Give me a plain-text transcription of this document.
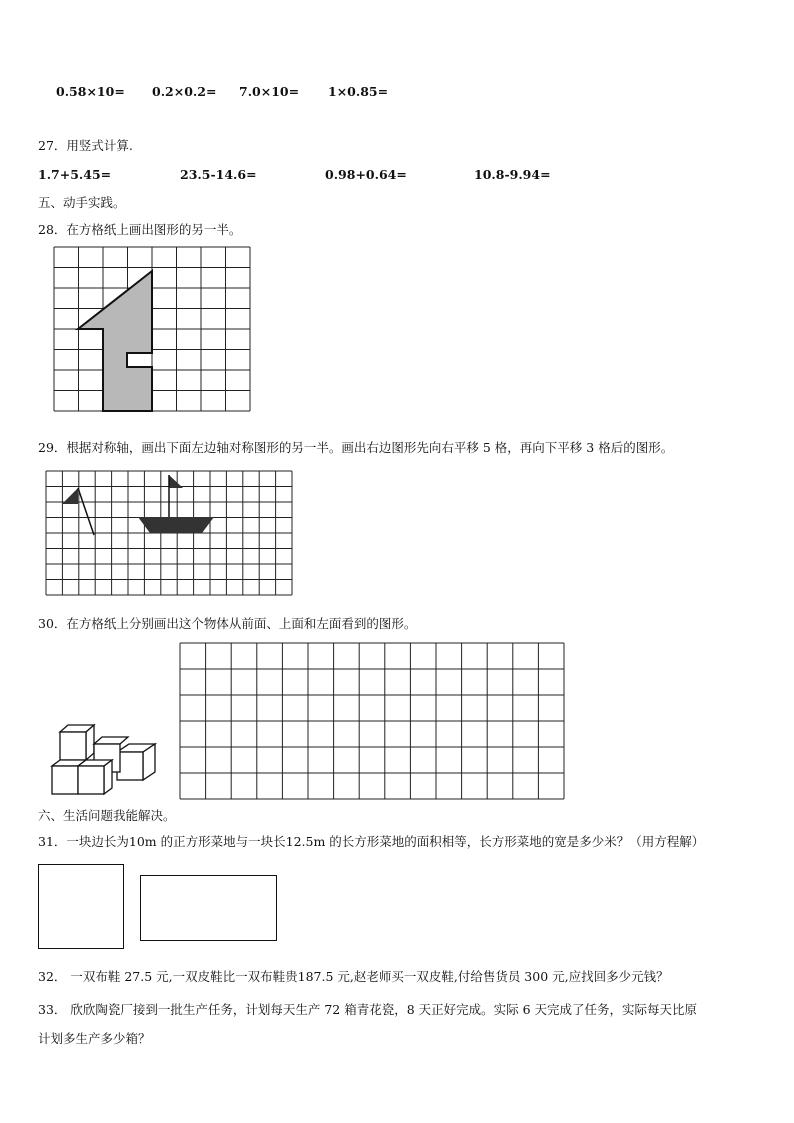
0.58×10= 0.2×0.2= 7.0×10= 1×0.85=
27．用竖式计算.
1.7+5.45=	23.5-14.6=	0.98+0.64=	10.8-9.94=
五、动手实践。
28．在方格纸上画出图形的另一半。
29．根据对称轴，画出下面左边轴对称图形的另一半。画出右边图形先向右平移 5 格，再向下平移 3 格后的图形。
30．在方格纸上分别画出这个物体从前面、上面和左面看到的图形。
六、生活问题我能解决。
31．一块边长为10m 的正方形菜地与一块长12.5m 的长方形菜地的面积相等，长方形菜地的宽是多少米？（用方程解）
32． 一双布鞋 27.5 元,一双皮鞋比一双布鞋贵187.5 元,赵老师买一双皮鞋,付给售货员 300 元,应找回多少元钱？
33． 欣欣陶瓷厂接到一批生产任务，计划每天生产 72 箱青花瓷，8 天正好完成。实际 6 天完成了任务，实际每天比原
计划多生产多少箱？
